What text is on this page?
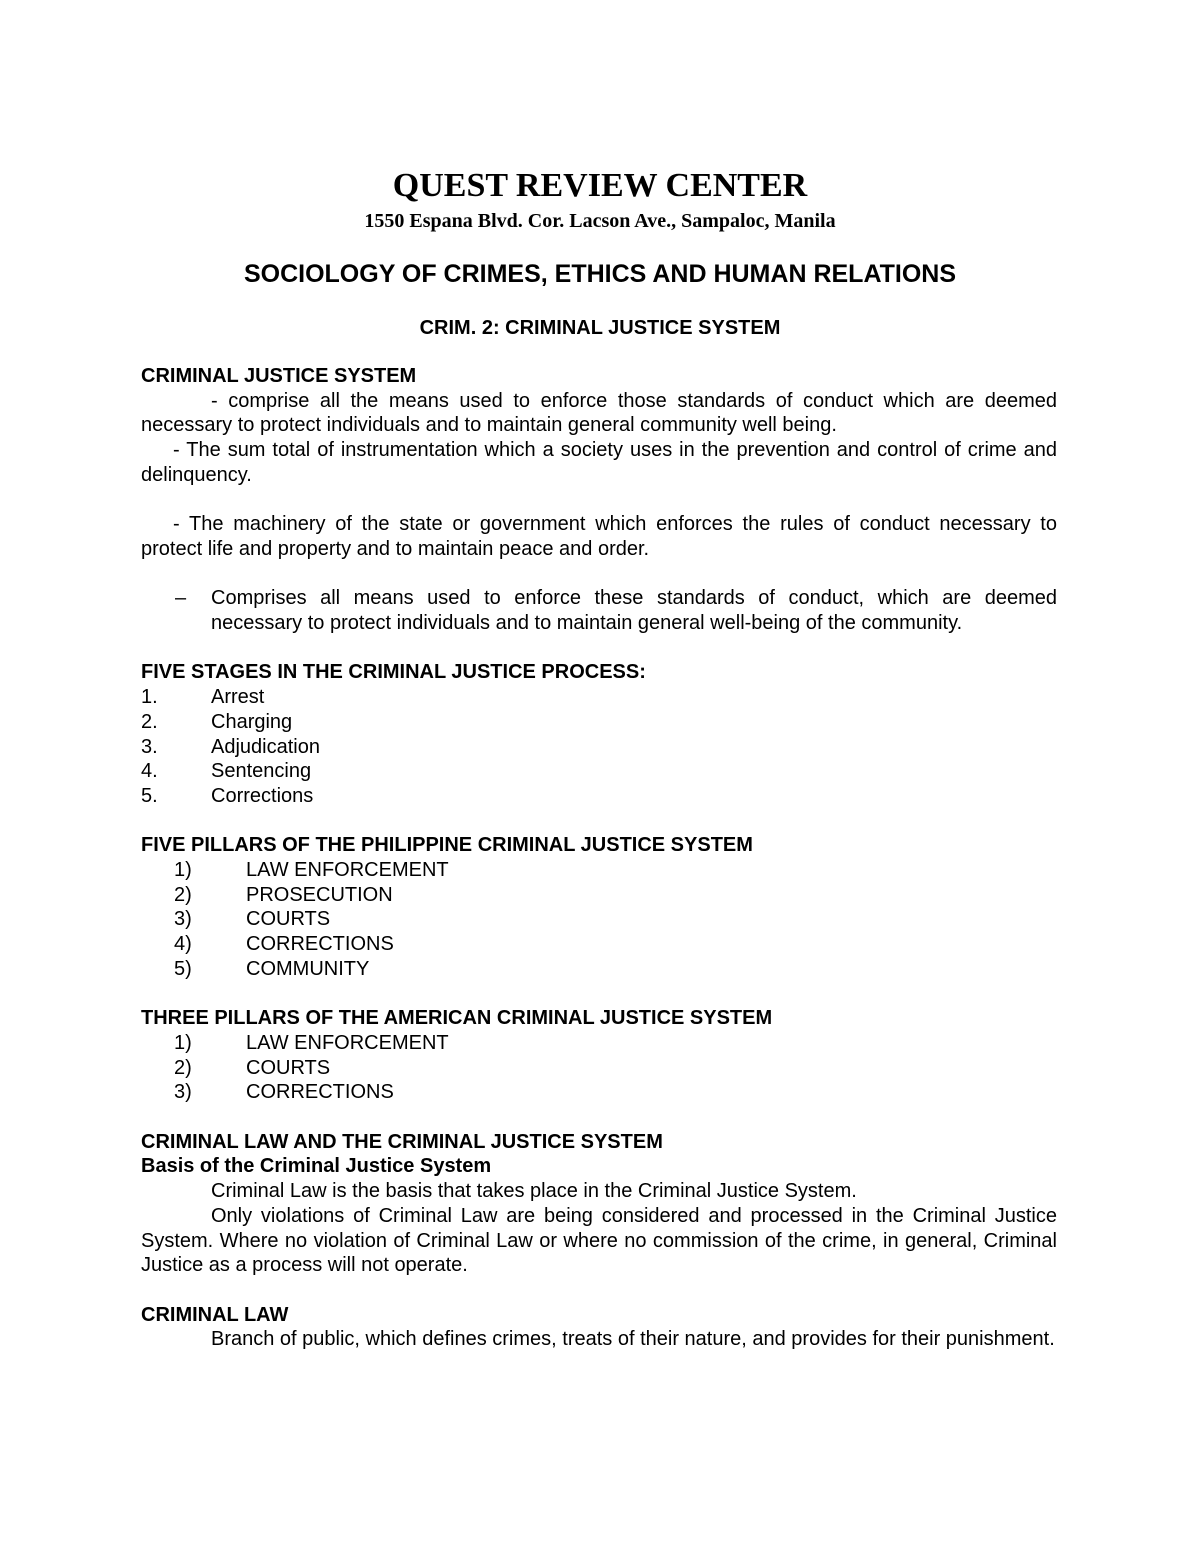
QUEST REVIEW CENTER
1550 Espana Blvd. Cor. Lacson Ave., Sampaloc, Manila
SOCIOLOGY OF CRIMES, ETHICS AND HUMAN RELATIONS
CRIM. 2: CRIMINAL JUSTICE SYSTEM

CRIMINAL JUSTICE SYSTEM

- comprise all the means used to enforce those standards of conduct which are deemed necessary to protect individuals and to maintain general community well being.

- The sum total of instrumentation which a society uses in the prevention and control of crime and delinquency.

- The machinery of the state or government which enforces the rules of conduct necessary to protect life and property and to maintain peace and order.

–	Comprises all means used to enforce these standards of conduct, which are deemed necessary to protect individuals and to maintain general well-being of the community.

FIVE STAGES IN THE CRIMINAL JUSTICE PROCESS:

1.	Arrest
2.	Charging
3.	Adjudication
4.	Sentencing
5.	Corrections

FIVE PILLARS OF THE PHILIPPINE CRIMINAL JUSTICE SYSTEM

1)	LAW ENFORCEMENT
2)	PROSECUTION
3)	COURTS
4)	CORRECTIONS
5)	COMMUNITY

THREE PILLARS OF THE AMERICAN CRIMINAL JUSTICE SYSTEM

1)	LAW ENFORCEMENT
2)	COURTS
3)	CORRECTIONS

CRIMINAL LAW AND THE CRIMINAL JUSTICE SYSTEM

Basis of the Criminal Justice System

Criminal Law is the basis that takes place in the Criminal Justice System.

Only violations of Criminal Law are being considered and processed in the Criminal Justice System. Where no violation of Criminal Law or where no commission of the crime, in general, Criminal Justice as a process will not operate.

CRIMINAL LAW

Branch of public, which defines crimes, treats of their nature, and provides for their punishment.
